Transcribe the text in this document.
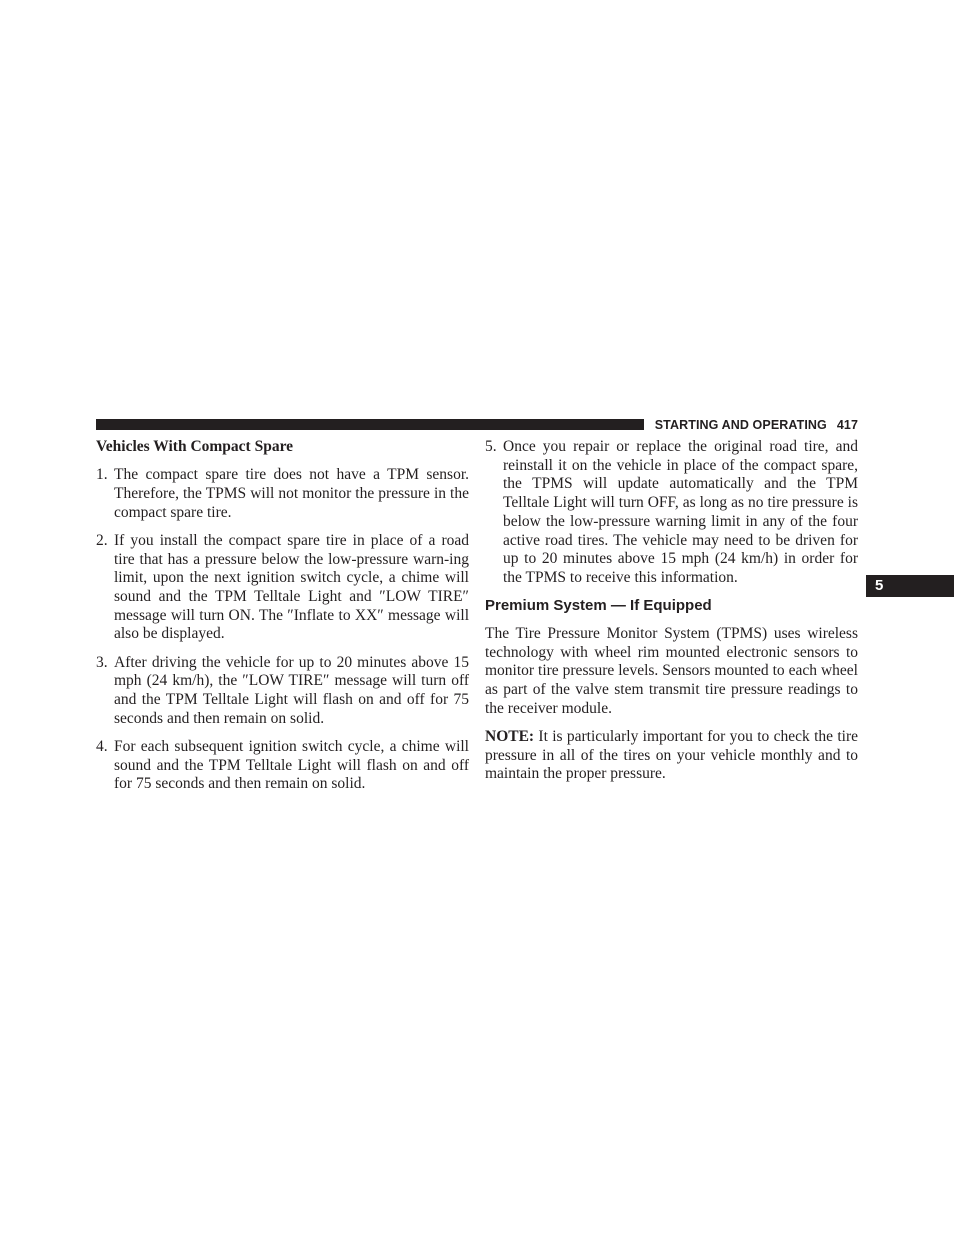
STARTING AND OPERATING 417
5
Vehicles With Compact Spare
1. The compact spare tire does not have a TPM sensor. Therefore, the TPMS will not monitor the pressure in the compact spare tire.
2. If you install the compact spare tire in place of a road tire that has a pressure below the low-pressure warn-ing limit, upon the next ignition switch cycle, a chime will sound and the TPM Telltale Light and ″LOW TIRE″ message will turn ON. The ″Inflate to XX″ message will also be displayed.
3. After driving the vehicle for up to 20 minutes above 15 mph (24 km/h), the ″LOW TIRE″ message will turn off and the TPM Telltale Light will flash on and off for 75 seconds and then remain on solid.
4. For each subsequent ignition switch cycle, a chime will sound and the TPM Telltale Light will flash on and off for 75 seconds and then remain on solid.
5. Once you repair or replace the original road tire, and reinstall it on the vehicle in place of the compact spare, the TPMS will update automatically and the TPM Telltale Light will turn OFF, as long as no tire pressure is below the low-pressure warning limit in any of the four active road tires. The vehicle may need to be driven for up to 20 minutes above 15 mph (24 km/h) in order for the TPMS to receive this information.
Premium System — If Equipped

The Tire Pressure Monitor System (TPMS) uses wireless technology with wheel rim mounted electronic sensors to monitor tire pressure levels. Sensors mounted to each wheel as part of the valve stem transmit tire pressure readings to the receiver module.

NOTE: It is particularly important for you to check the tire pressure in all of the tires on your vehicle monthly and to maintain the proper pressure.
